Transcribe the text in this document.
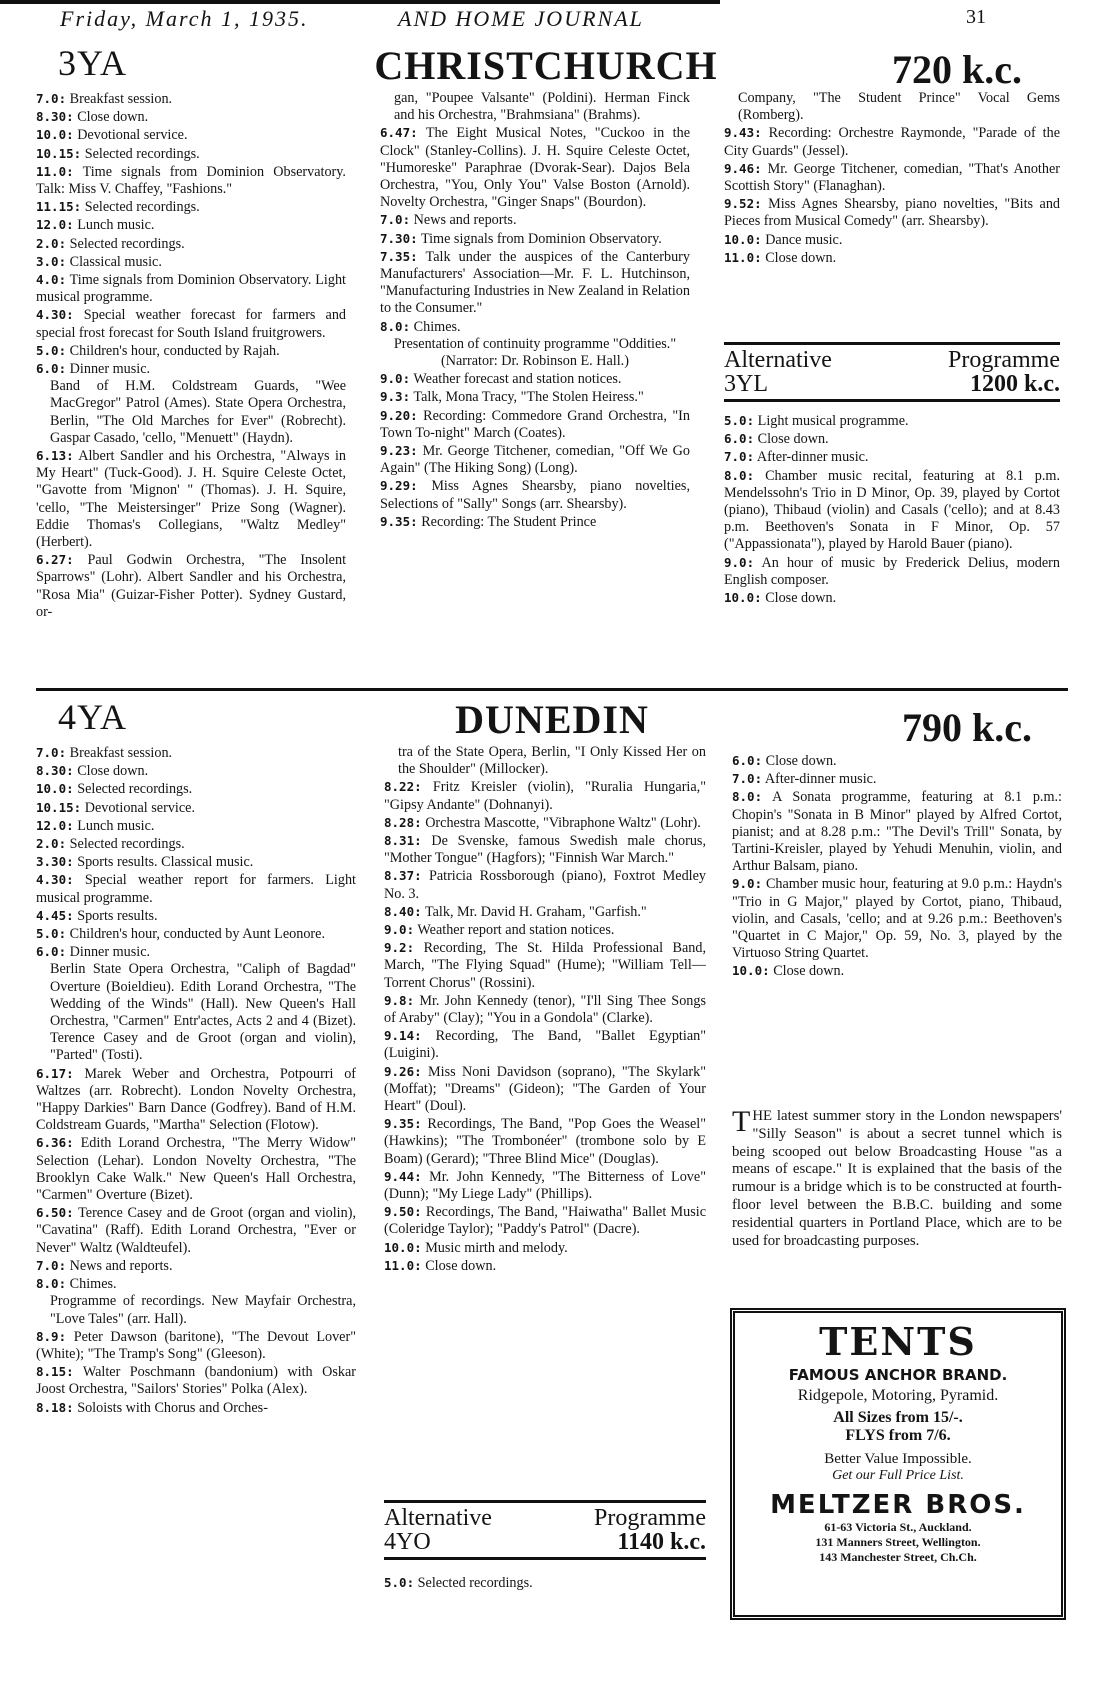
Friday, March 1, 1935.	AND HOME JOURNAL	31
3YA	CHRISTCHURCH	720 k.c.

7.0: Breakfast session.

8.30: Close down.

10.0: Devotional service.

10.15: Selected recordings.

11.0: Time signals from Dominion Observatory. Talk: Miss V. Chaffey, "Fashions."

11.15: Selected recordings.

12.0: Lunch music.

2.0: Selected recordings.

3.0: Classical music.

4.0: Time signals from Dominion Observatory. Light musical programme.

4.30: Special weather forecast for farmers and special frost forecast for South Island fruitgrowers.

5.0: Children's hour, conducted by Rajah.

6.0: Dinner music.

Band of H.M. Coldstream Guards, "Wee MacGregor" Patrol (Ames). State Opera Orchestra, Berlin, "The Old Marches for Ever" (Robrecht). Gaspar Casado, 'cello, "Menuett" (Haydn).

6.13: Albert Sandler and his Orchestra, "Always in My Heart" (Tuck-Good). J. H. Squire Celeste Octet, "Gavotte from 'Mignon' " (Thomas). J. H. Squire, 'cello, "The Meistersinger" Prize Song (Wagner). Eddie Thomas's Collegians, "Waltz Medley" (Herbert).

6.27: Paul Godwin Orchestra, "The Insolent Sparrows" (Lohr). Albert Sandler and his Orchestra, "Rosa Mia" (Guizar-Fisher Potter). Sydney Gustard, or-

gan, "Poupee Valsante" (Poldini). Herman Finck and his Orchestra, "Brahmsiana" (Brahms).

6.47: The Eight Musical Notes, "Cuckoo in the Clock" (Stanley-Collins). J. H. Squire Celeste Octet, "Humoreske" Paraphrae (Dvorak-Sear). Dajos Bela Orchestra, "You, Only You" Valse Boston (Arnold). Novelty Orchestra, "Ginger Snaps" (Bourdon).

7.0: News and reports.

7.30: Time signals from Dominion Observatory.

7.35: Talk under the auspices of the Canterbury Manufacturers' Association—Mr. F. L. Hutchinson, "Manufacturing Industries in New Zealand in Relation to the Consumer."

8.0: Chimes.

Presentation of continuity programme "Oddities."

(Narrator: Dr. Robinson E. Hall.)

9.0: Weather forecast and station notices.

9.3: Talk, Mona Tracy, "The Stolen Heiress."

9.20: Recording: Commedore Grand Orchestra, "In Town To-night" March (Coates).

9.23: Mr. George Titchener, comedian, "Off We Go Again" (The Hiking Song) (Long).

9.29: Miss Agnes Shearsby, piano novelties, Selections of "Sally" Songs (arr. Shearsby).

9.35: Recording: The Student Prince

Company, "The Student Prince" Vocal Gems (Romberg).

9.43: Recording: Orchestre Raymonde, "Parade of the City Guards" (Jessel).

9.46: Mr. George Titchener, comedian, "That's Another Scottish Story" (Flanaghan).

9.52: Miss Agnes Shearsby, piano novelties, "Bits and Pieces from Musical Comedy" (arr. Shearsby).

10.0: Dance music.

11.0: Close down.

Alternative	Programme
3YL	1200 k.c.

5.0: Light musical programme.

6.0: Close down.

7.0: After-dinner music.

8.0: Chamber music recital, featuring at 8.1 p.m. Mendelssohn's Trio in D Minor, Op. 39, played by Cortot (piano), Thibaud (violin) and Casals ('cello); and at 8.43 p.m. Beethoven's Sonata in F Minor, Op. 57 ("Appassionata"), played by Harold Bauer (piano).

9.0: An hour of music by Frederick Delius, modern English composer.

10.0: Close down.

4YA	DUNEDIN	790 k.c.

7.0: Breakfast session.

8.30: Close down.

10.0: Selected recordings.

10.15: Devotional service.

12.0: Lunch music.

2.0: Selected recordings.

3.30: Sports results. Classical music.

4.30: Special weather report for farmers. Light musical programme.

4.45: Sports results.

5.0: Children's hour, conducted by Aunt Leonore.

6.0: Dinner music.

Berlin State Opera Orchestra, "Caliph of Bagdad" Overture (Boieldieu). Edith Lorand Orchestra, "The Wedding of the Winds" (Hall). New Queen's Hall Orchestra, "Carmen" Entr'actes, Acts 2 and 4 (Bizet). Terence Casey and de Groot (organ and violin), "Parted" (Tosti).

6.17: Marek Weber and Orchestra, Potpourri of Waltzes (arr. Robrecht). London Novelty Orchestra, "Happy Darkies" Barn Dance (Godfrey). Band of H.M. Coldstream Guards, "Martha" Selection (Flotow).

6.36: Edith Lorand Orchestra, "The Merry Widow" Selection (Lehar). London Novelty Orchestra, "The Brooklyn Cake Walk." New Queen's Hall Orchestra, "Carmen" Overture (Bizet).

6.50: Terence Casey and de Groot (organ and violin), "Cavatina" (Raff). Edith Lorand Orchestra, "Ever or Never" Waltz (Waldteufel).

7.0: News and reports.

8.0: Chimes.

Programme of recordings. New Mayfair Orchestra, "Love Tales" (arr. Hall).

8.9: Peter Dawson (baritone), "The Devout Lover" (White); "The Tramp's Song" (Gleeson).

8.15: Walter Poschmann (bandonium) with Oskar Joost Orchestra, "Sailors' Stories" Polka (Alex).

8.18: Soloists with Chorus and Orches-

tra of the State Opera, Berlin, "I Only Kissed Her on the Shoulder" (Millocker).

8.22: Fritz Kreisler (violin), "Ruralia Hungaria," "Gipsy Andante" (Dohnanyi).

8.28: Orchestra Mascotte, "Vibraphone Waltz" (Lohr).

8.31: De Svenske, famous Swedish male chorus, "Mother Tongue" (Hagfors); "Finnish War March."

8.37: Patricia Rossborough (piano), Foxtrot Medley No. 3.

8.40: Talk, Mr. David H. Graham, "Garfish."

9.0: Weather report and station notices.

9.2: Recording, The St. Hilda Professional Band, March, "The Flying Squad" (Hume); "William Tell—Torrent Chorus" (Rossini).

9.8: Mr. John Kennedy (tenor), "I'll Sing Thee Songs of Araby" (Clay); "You in a Gondola" (Clarke).

9.14: Recording, The Band, "Ballet Egyptian" (Luigini).

9.26: Miss Noni Davidson (soprano), "The Skylark" (Moffat); "Dreams" (Gideon); "The Garden of Your Heart" (Doul).

9.35: Recordings, The Band, "Pop Goes the Weasel" (Hawkins); "The Trombonéer" (trombone solo by E Boam) (Gerard); "Three Blind Mice" (Douglas).

9.44: Mr. John Kennedy, "The Bitterness of Love" (Dunn); "My Liege Lady" (Phillips).

9.50: Recordings, The Band, "Haiwatha" Ballet Music (Coleridge Taylor); "Paddy's Patrol" (Dacre).

10.0: Music mirth and melody.

11.0: Close down.

Alternative	Programme
4YO	1140 k.c.

5.0: Selected recordings.

6.0: Close down.

7.0: After-dinner music.

8.0: A Sonata programme, featuring at 8.1 p.m.: Chopin's "Sonata in B Minor" played by Alfred Cortot, pianist; and at 8.28 p.m.: "The Devil's Trill" Sonata, by Tartini-Kreisler, played by Yehudi Menuhin, violin, and Arthur Balsam, piano.

9.0: Chamber music hour, featuring at 9.0 p.m.: Haydn's "Trio in G Major," played by Cortot, piano, Thibaud, violin, and Casals, 'cello; and at 9.26 p.m.: Beethoven's "Quartet in C Major," Op. 59, No. 3, played by the Virtuoso String Quartet.

10.0: Close down.

THE latest summer story in the London newspapers' "Silly Season" is about a secret tunnel which is being scooped out below Broadcasting House "as a means of escape." It is explained that the basis of the rumour is a bridge which is to be constructed at fourth-floor level between the B.B.C. building and some residential quarters in Portland Place, which are to be used for broadcasting purposes.
TENTS
FAMOUS ANCHOR BRAND.
Ridgepole, Motoring, Pyramid.
All Sizes from 15/-.
FLYS from 7/6.
Better Value Impossible.
Get our Full Price List.
MELTZER BROS.
61-63 Victoria St., Auckland.
131 Manners Street, Wellington.
143 Manchester Street, Ch.Ch.
